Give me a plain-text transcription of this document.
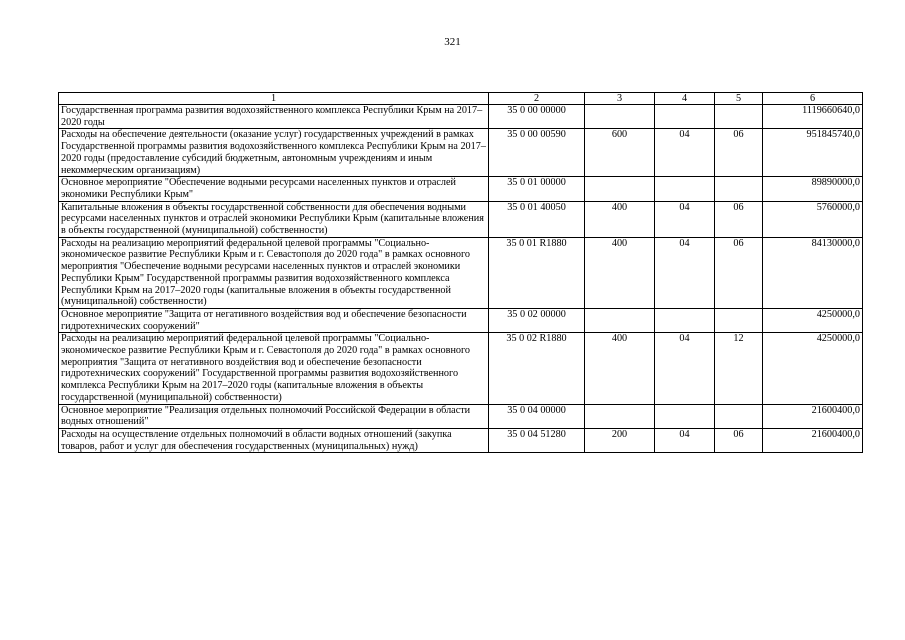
321
1	2	3	4	5	6
Государственная программа развития водохозяйственного комплекса Республики Крым на 2017–2020 годы	35 0 00 00000				1119660640,0
Расходы на обеспечение деятельности (оказание услуг) государственных учреждений в рамках Государственной программы развития водохозяйственного комплекса Республики Крым на 2017–2020 годы (предоставление субсидий бюджетным, автономным учреждениям и иным некоммерческим организациям)	35 0 00 00590	600	04	06	951845740,0
Основное мероприятие "Обеспечение водными ресурсами населенных пунктов и отраслей экономики Республики Крым"	35 0 01 00000				89890000,0
Капитальные вложения в объекты государственной собственности для обеспечения водными ресурсами населенных пунктов и отраслей экономики Республики Крым (капитальные вложения в объекты государственной (муниципальной) собственности)	35 0 01 40050	400	04	06	5760000,0
Расходы на реализацию мероприятий федеральной целевой программы "Социально-экономическое развитие Республики Крым и г. Севастополя до 2020 года" в рамках основного мероприятия "Обеспечение водными ресурсами населенных пунктов и отраслей экономики Республики Крым" Государственной программы развития водохозяйственного комплекса Республики Крым на 2017–2020 годы (капитальные вложения в объекты государственной (муниципальной) собственности)	35 0 01 R1880	400	04	06	84130000,0
Основное мероприятие "Защита от негативного воздействия вод и обеспечение безопасности гидротехнических сооружений"	35 0 02 00000				4250000,0
Расходы на реализацию мероприятий федеральной целевой программы "Социально-экономическое развитие Республики Крым и г. Севастополя до 2020 года" в рамках основного мероприятия "Защита от негативного воздействия вод и обеспечение безопасности гидротехнических сооружений" Государственной программы развития водохозяйственного комплекса Республики Крым на 2017–2020 годы (капитальные вложения в объекты государственной (муниципальной) собственности)	35 0 02 R1880	400	04	12	4250000,0
Основное мероприятие "Реализация отдельных полномочий Российской Федерации в области водных отношений"	35 0 04 00000				21600400,0
Расходы на осуществление отдельных полномочий в области водных отношений (закупка товаров, работ и услуг для обеспечения государственных (муниципальных) нужд)	35 0 04 51280	200	04	06	21600400,0
